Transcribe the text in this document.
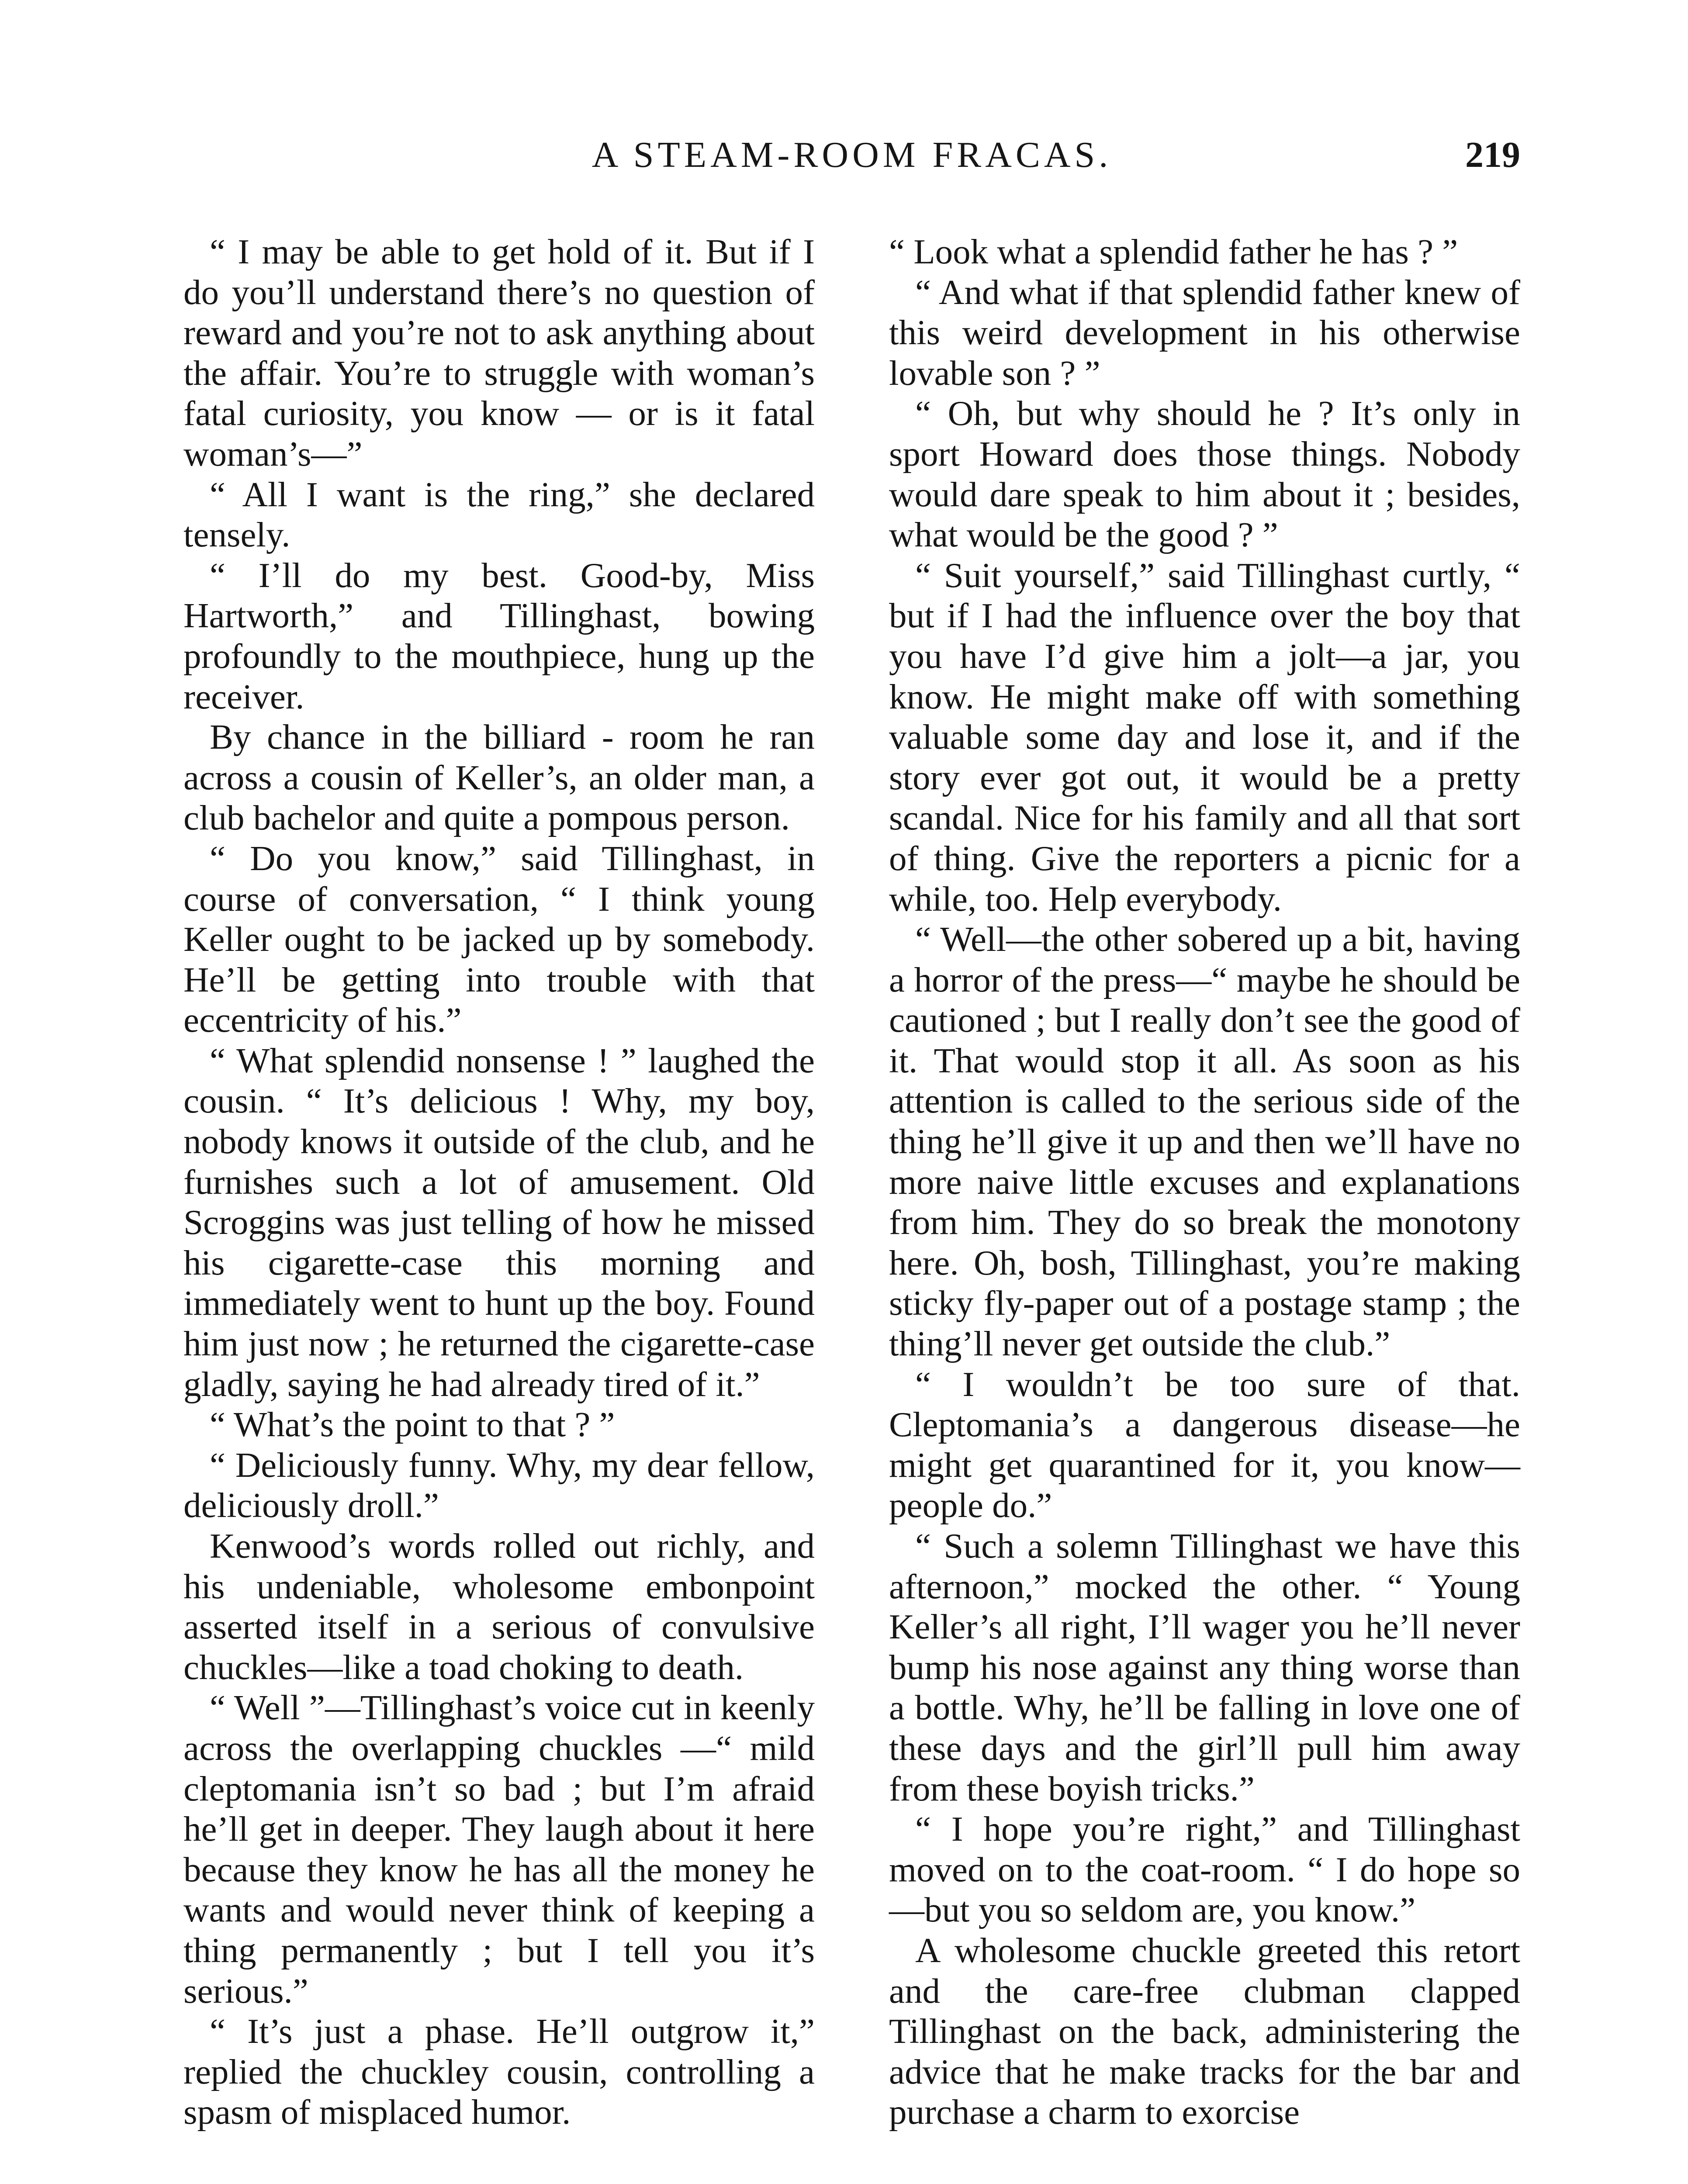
A STEAM-ROOM FRACAS.	219

“ I may be able to get hold of it. But if I do you’ll understand there’s no question of reward and you’re not to ask anything about the affair. You’re to struggle with woman’s fatal curiosity, you know — or is it fatal woman’s—”

“ All I want is the ring,” she declared tensely.

“ I’ll do my best. Good-by, Miss Hartworth,” and Tillinghast, bowing profoundly to the mouthpiece, hung up the receiver.

By chance in the billiard - room he ran across a cousin of Keller’s, an older man, a club bachelor and quite a pompous person.

“ Do you know,” said Tillinghast, in course of conversation, “ I think young Keller ought to be jacked up by somebody. He’ll be getting into trouble with that eccentricity of his.”

“ What splendid nonsense ! ” laughed the cousin. “ It’s delicious ! Why, my boy, nobody knows it outside of the club, and he furnishes such a lot of amusement. Old Scroggins was just telling of how he missed his cigarette-case this morning and immediately went to hunt up the boy. Found him just now ; he returned the cigarette-case gladly, saying he had already tired of it.”

“ What’s the point to that ? ”

“ Deliciously funny. Why, my dear fellow, deliciously droll.”

Kenwood’s words rolled out richly, and his undeniable, wholesome embonpoint asserted itself in a serious of convulsive chuckles—like a toad choking to death.

“ Well ”—Tillinghast’s voice cut in keenly across the overlapping chuckles —“ mild cleptomania isn’t so bad ; but I’m afraid he’ll get in deeper. They laugh about it here because they know he has all the money he wants and would never think of keeping a thing permanently ; but I tell you it’s serious.”

“ It’s just a phase. He’ll outgrow it,” replied the chuckley cousin, controlling a spasm of misplaced humor.

“ Look what a splendid father he has ? ”

“ And what if that splendid father knew of this weird development in his otherwise lovable son ? ”

“ Oh, but why should he ? It’s only in sport Howard does those things. Nobody would dare speak to him about it ; besides, what would be the good ? ”

“ Suit yourself,” said Tillinghast curtly, “ but if I had the influence over the boy that you have I’d give him a jolt—a jar, you know. He might make off with something valuable some day and lose it, and if the story ever got out, it would be a pretty scandal. Nice for his family and all that sort of thing. Give the reporters a picnic for a while, too. Help everybody.

“ Well—the other sobered up a bit, having a horror of the press—“ maybe he should be cautioned ; but I really don’t see the good of it. That would stop it all. As soon as his attention is called to the serious side of the thing he’ll give it up and then we’ll have no more naive little excuses and explanations from him. They do so break the monotony here. Oh, bosh, Tillinghast, you’re making sticky fly-paper out of a postage stamp ; the thing’ll never get outside the club.”

“ I wouldn’t be too sure of that. Cleptomania’s a dangerous disease—he might get quarantined for it, you know—people do.”

“ Such a solemn Tillinghast we have this afternoon,” mocked the other. “ Young Keller’s all right, I’ll wager you he’ll never bump his nose against any thing worse than a bottle. Why, he’ll be falling in love one of these days and the girl’ll pull him away from these boyish tricks.”

“ I hope you’re right,” and Tillinghast moved on to the coat-room. “ I do hope so—but you so seldom are, you know.”

A wholesome chuckle greeted this retort and the care-free clubman clapped Tillinghast on the back, administering the advice that he make tracks for the bar and purchase a charm to exorcise
